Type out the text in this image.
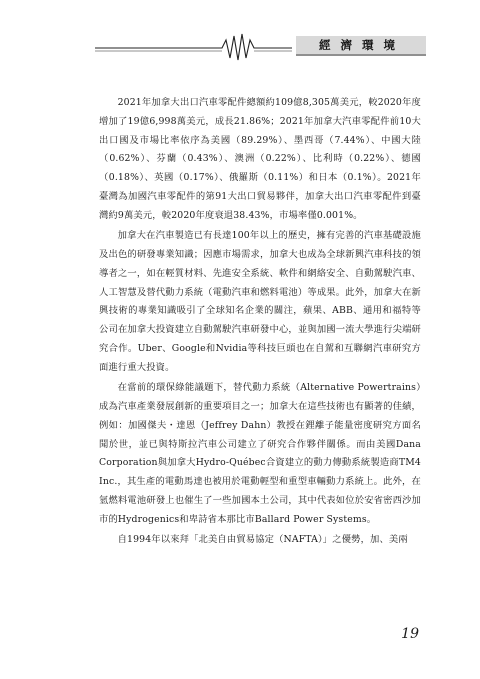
經濟環境

2021年加拿大出口汽車零配件總額約109億8,305萬美元，較2020年度增加了19億6,998萬美元，成長21.86%；2021年加拿大汽車零配件前10大出口國及市場比率依序為美國（89.29%）、墨西哥（7.44%）、中國大陸（0.62%）、芬蘭（0.43%）、澳洲（0.22%）、比利時（0.22%）、德國（0.18%）、英國（0.17%）、俄羅斯（0.11%）和日本（0.1%）。2021年臺灣為加國汽車零配件的第91大出口貿易夥伴，加拿大出口汽車零配件到臺灣約9萬美元，較2020年度衰退38.43%，市場率僅0.001%。

加拿大在汽車製造已有長達100年以上的歷史，擁有完善的汽車基礎設施及出色的研發專業知識；因應市場需求，加拿大也成為全球新興汽車科技的領導者之一，如在輕質材料、先進安全系統、軟件和網絡安全、自動駕駛汽車、人工智慧及替代動力系統（電動汽車和燃料電池）等成果。此外，加拿大在新興技術的專業知識吸引了全球知名企業的關注，蘋果、ABB、通用和福特等公司在加拿大投資建立自動駕駛汽車研發中心，並與加國一流大學進行尖端研究合作。Uber、Google和Nvidia等科技巨頭也在自駕和互聯網汽車研究方面進行重大投資。

在當前的環保綠能議題下，替代動力系統（Alternative Powertrains）成為汽車產業發展創新的重要項目之一；加拿大在這些技術也有顯著的佳績，例如：加國傑夫・達恩（Jeffrey Dahn）教授在鋰離子能量密度研究方面名聞於世，並已與特斯拉汽車公司建立了研究合作夥伴關係。而由美國Dana Corporation與加拿大Hydro-Québec合資建立的動力傳動系統製造商TM4 Inc.，其生產的電動馬達也被用於電動輕型和重型車輛動力系統上。此外，在氫燃料電池研發上也催生了一些加國本土公司，其中代表如位於安省密西沙加市的Hydrogenics和卑詩省本那比市Ballard Power Systems。

自1994年以來拜「北美自由貿易協定（NAFTA）」之優勢，加、美兩

19
